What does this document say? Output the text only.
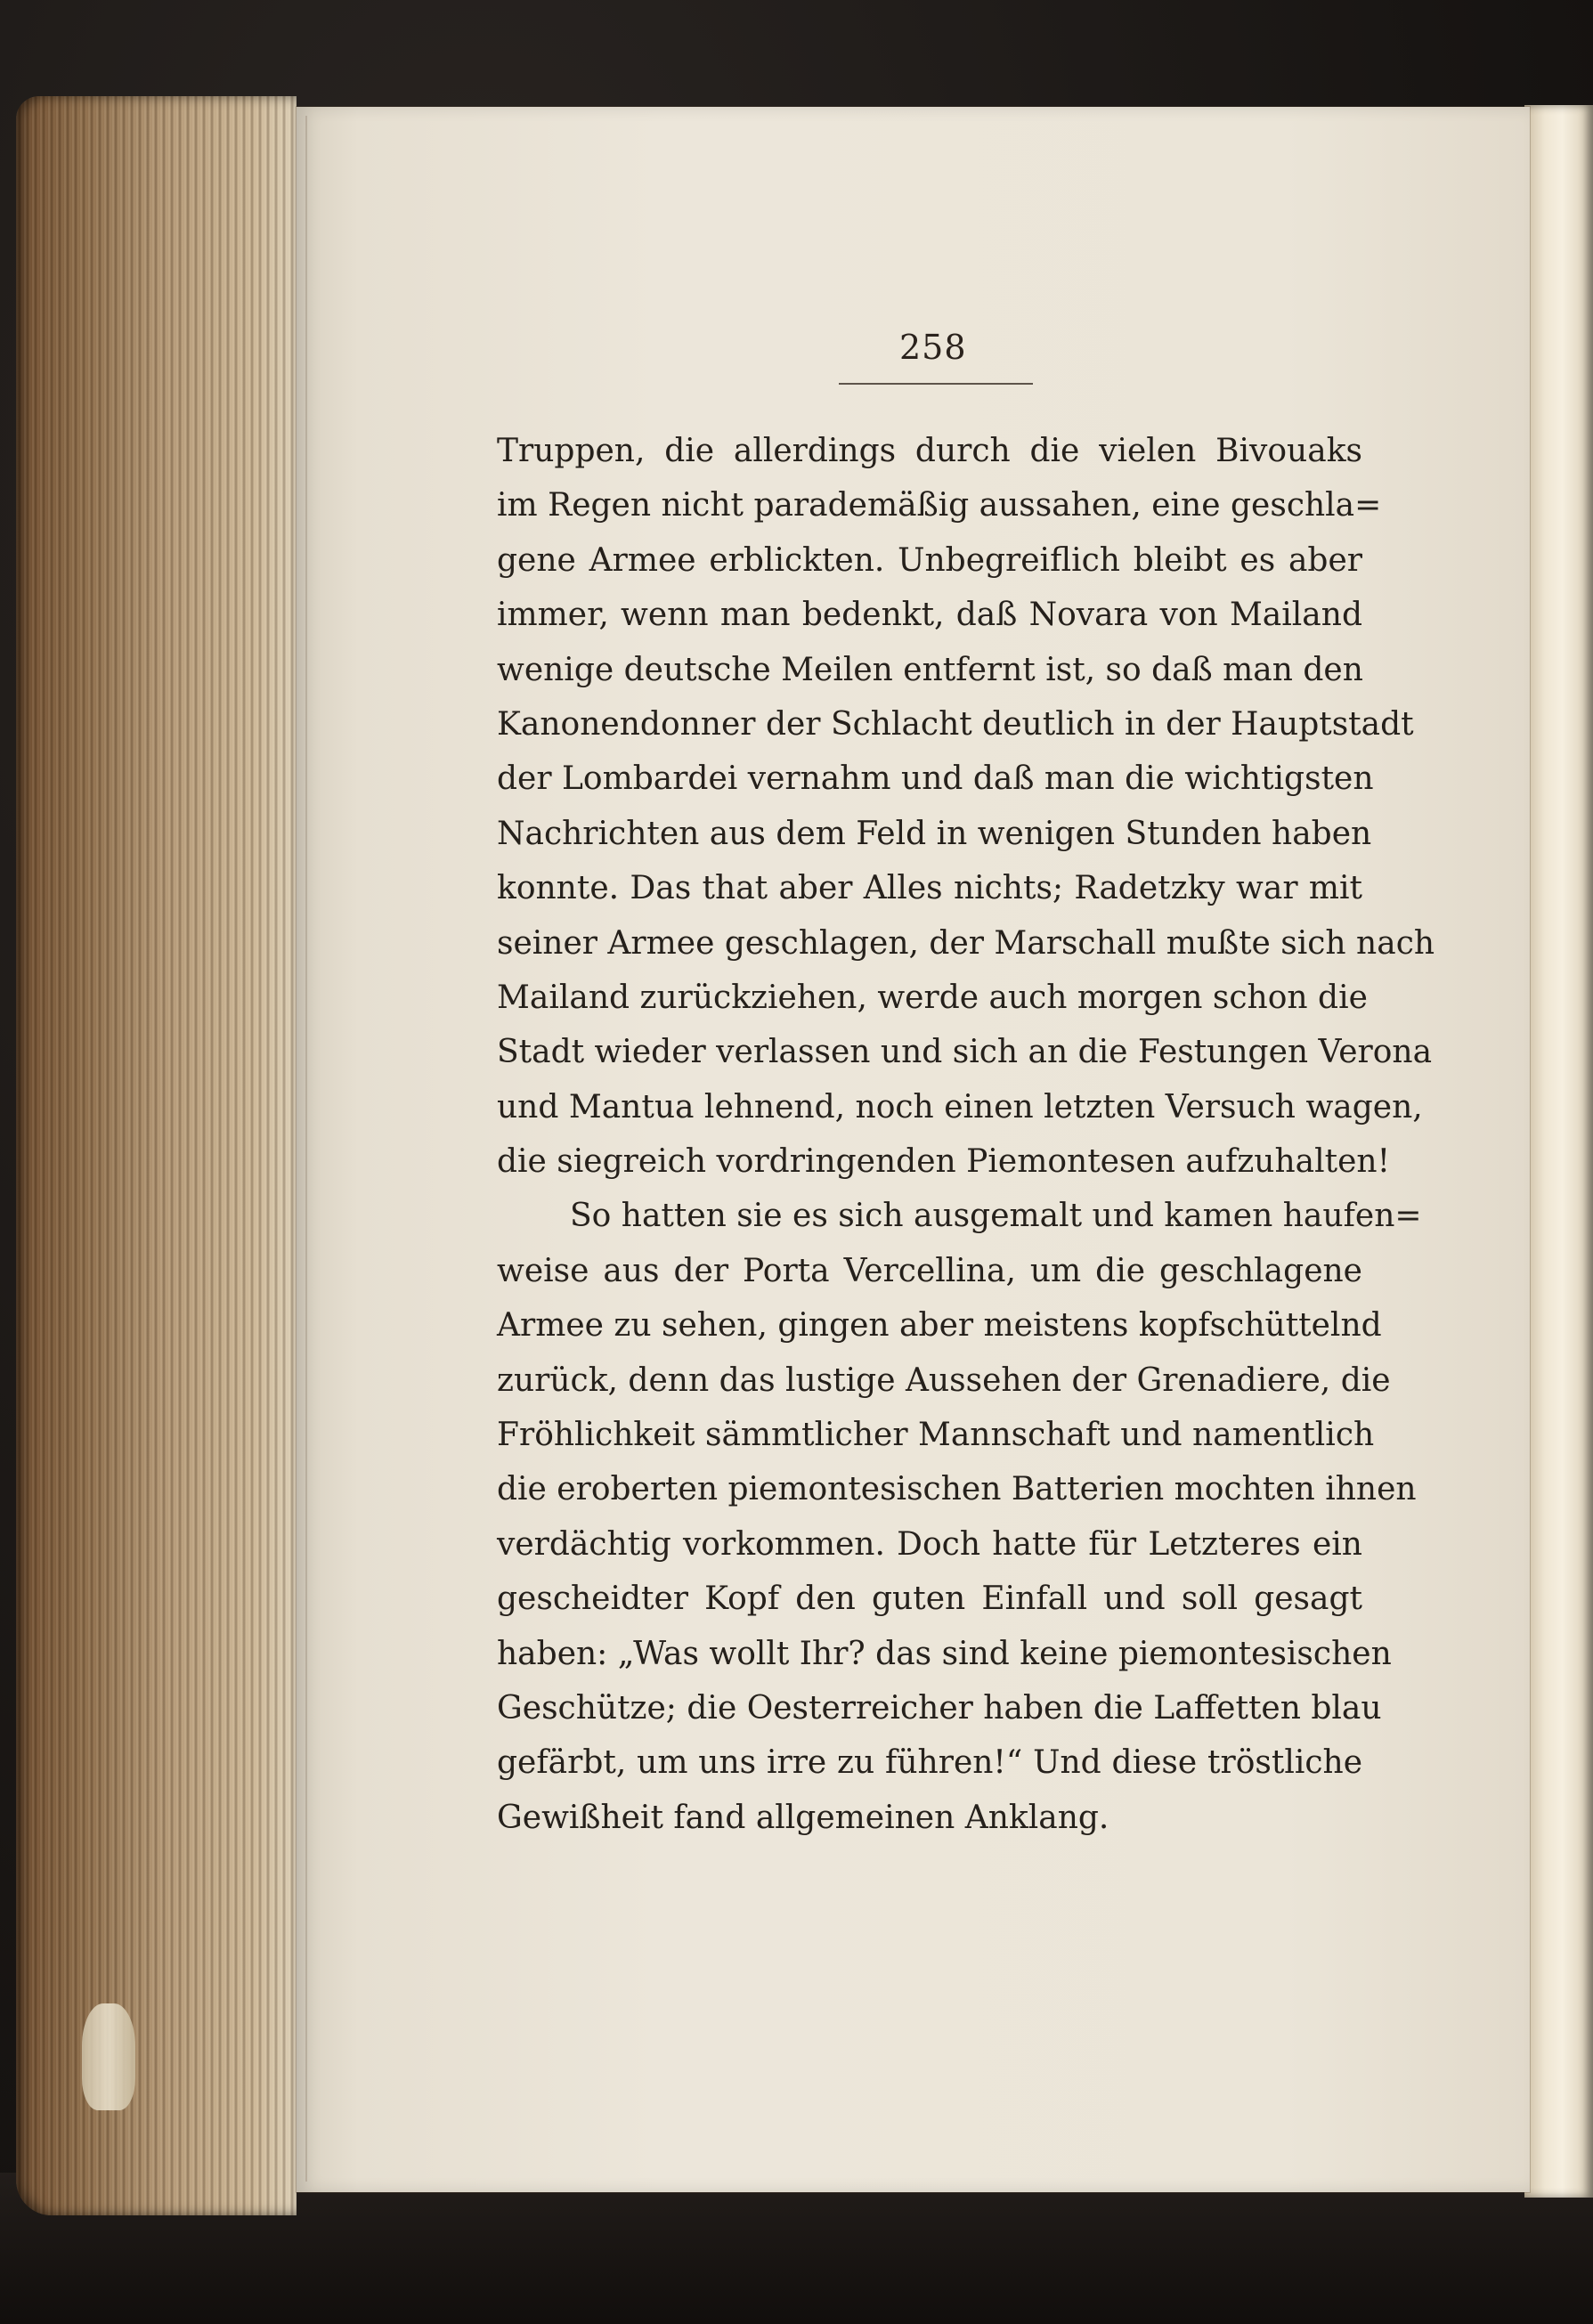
258
Truppen, die allerdings durch die vielen Bivouaks
im Regen nicht parademäßig aussahen, eine geschla=
gene Armee erblickten. Unbegreiflich bleibt es aber
immer, wenn man bedenkt, daß Novara von Mailand
wenige deutsche Meilen entfernt ist, so daß man den
Kanonendonner der Schlacht deutlich in der Hauptstadt
der Lombardei vernahm und daß man die wichtigsten
Nachrichten aus dem Feld in wenigen Stunden haben
konnte. Das that aber Alles nichts; Radetzky war mit
seiner Armee geschlagen, der Marschall mußte sich nach
Mailand zurückziehen, werde auch morgen schon die
Stadt wieder verlassen und sich an die Festungen Verona
und Mantua lehnend, noch einen letzten Versuch wagen,
die siegreich vordringenden Piemontesen aufzuhalten!
So hatten sie es sich ausgemalt und kamen haufen=
weise aus der Porta Vercellina, um die geschlagene
Armee zu sehen, gingen aber meistens kopfschüttelnd
zurück, denn das lustige Aussehen der Grenadiere, die
Fröhlichkeit sämmtlicher Mannschaft und namentlich
die eroberten piemontesischen Batterien mochten ihnen
verdächtig vorkommen. Doch hatte für Letzteres ein
gescheidter Kopf den guten Einfall und soll gesagt
haben: „Was wollt Ihr? das sind keine piemontesischen
Geschütze; die Oesterreicher haben die Laffetten blau
gefärbt, um uns irre zu führen!“ Und diese tröstliche
Gewißheit fand allgemeinen Anklang.
